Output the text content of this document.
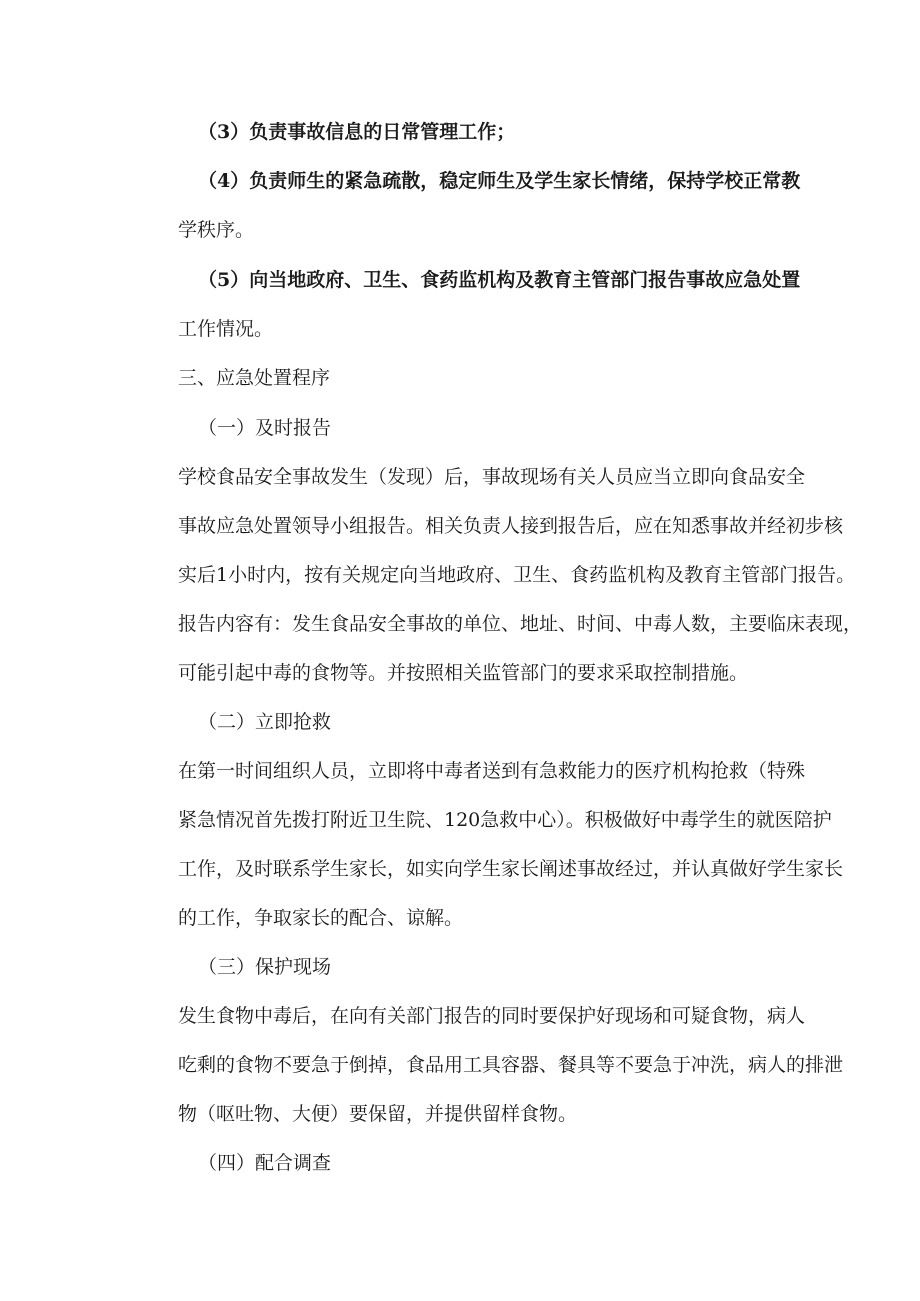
（3）负责事故信息的日常管理工作；
（4）负责师生的紧急疏散，稳定师生及学生家长情绪，保持学校正常教
学秩序。
（5）向当地政府、卫生、食药监机构及教育主管部门报告事故应急处置
工作情况。
三、应急处置程序
（一）及时报告
学校食品安全事故发生（发现）后，事故现场有关人员应当立即向食品安全
事故应急处置领导小组报告。相关负责人接到报告后，应在知悉事故并经初步核
实后1小时内，按有关规定向当地政府、卫生、食药监机构及教育主管部门报告。
报告内容有：发生食品安全事故的单位、地址、时间、中毒人数，主要临床表现，
可能引起中毒的食物等。并按照相关监管部门的要求采取控制措施。
（二）立即抢救
在第一时间组织人员，立即将中毒者送到有急救能力的医疗机构抢救（特殊
紧急情况首先拨打附近卫生院、120急救中心）。积极做好中毒学生的就医陪护
工作，及时联系学生家长，如实向学生家长阐述事故经过，并认真做好学生家长
的工作，争取家长的配合、谅解。
（三）保护现场
发生食物中毒后，在向有关部门报告的同时要保护好现场和可疑食物，病人
吃剩的食物不要急于倒掉，食品用工具容器、餐具等不要急于冲洗，病人的排泄
物（呕吐物、大便）要保留，并提供留样食物。
（四）配合调查
